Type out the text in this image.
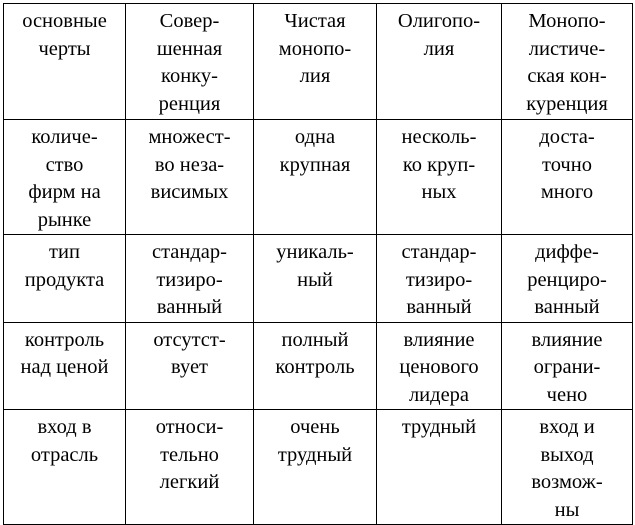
основные
черты	Совер-
шенная
конку-
ренция	Чистая
монопо-
лия	Олигопо-
лия	Монопо-
листиче-
ская кон-
куренция

количе-
ство
фирм на
рынке	множест-
во неза-
висимых	одна
крупная	несколь-
ко круп-
ных	доста-
точно
много

тип
продукта	стандар-
тизиро-
ванный	уникаль-
ный	стандар-
тизиро-
ванный	диффе-
ренциро-
ванный

контроль
над ценой	отсутст-
вует	полный
контроль	влияние
ценового
лидера	влияние
ограни-
чено

вход в
отрасль	относи-
тельно
легкий	очень
трудный	трудный	вход и
выход
возмож-
ны
